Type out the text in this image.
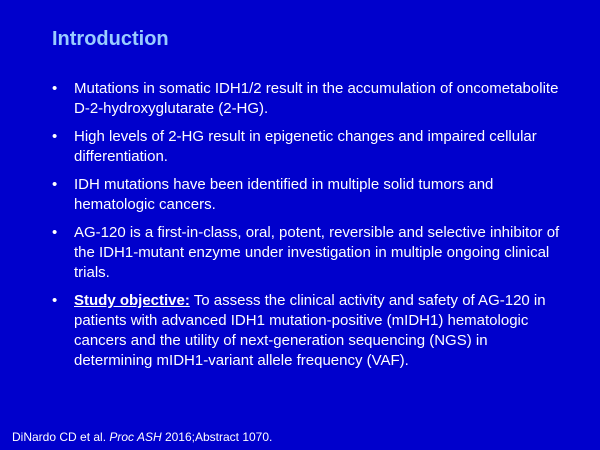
Introduction
•	Mutations in somatic IDH1/2 result in the accumulation of oncometabolite D-2-hydroxyglutarate (2-HG).
•	High levels of 2-HG result in epigenetic changes and impaired cellular differentiation.
•	IDH mutations have been identified in multiple solid tumors and hematologic cancers.
•	AG-120 is a first-in-class, oral, potent, reversible and selective inhibitor of the IDH1-mutant enzyme under investigation in multiple ongoing clinical trials.
•	Study objective: To assess the clinical activity and safety of AG-120 in patients with advanced IDH1 mutation-positive (mIDH1) hematologic cancers and the utility of next-generation sequencing (NGS) in determining mIDH1-variant allele frequency (VAF).
DiNardo CD et al. Proc ASH 2016;Abstract 1070.
